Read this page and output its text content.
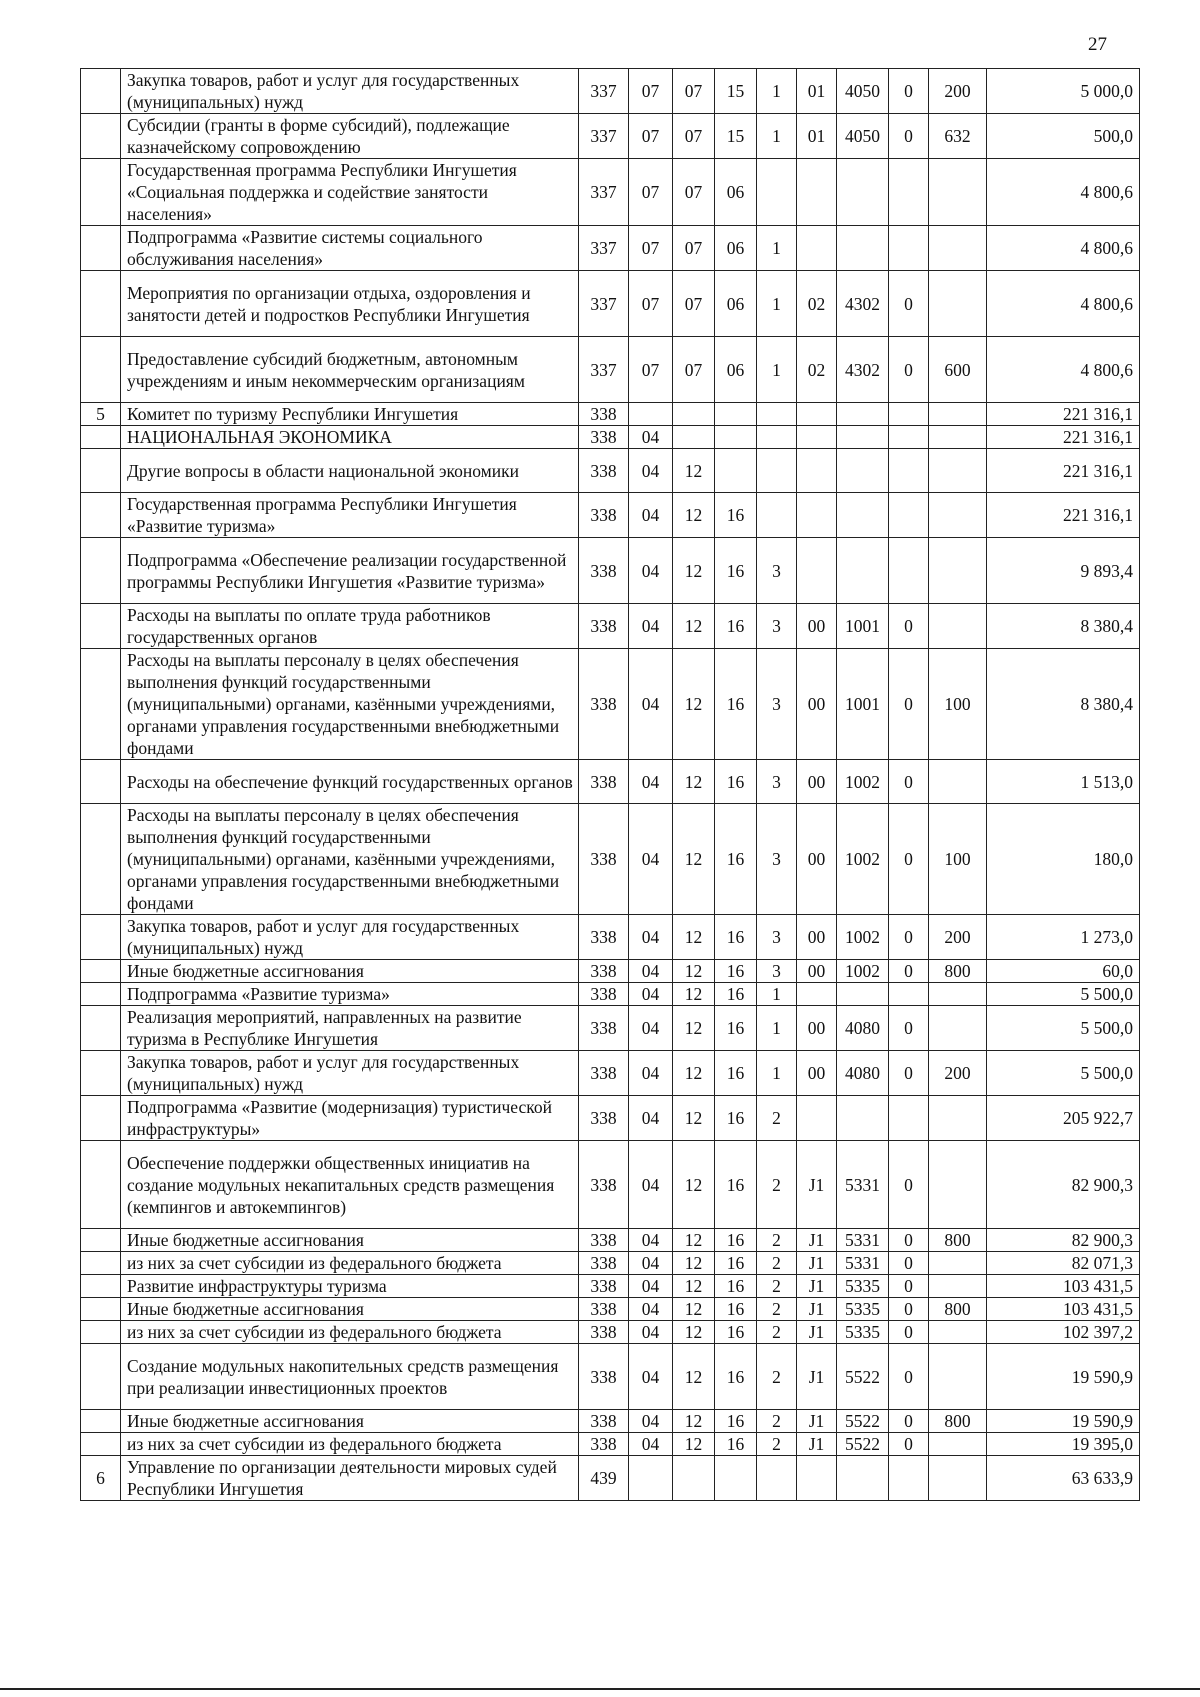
27
	Закупка товаров, работ и услуг для государственных (муниципальных) нужд	337	07	07	15	1	01	4050	0	200	5 000,0
	Субсидии (гранты в форме субсидий), подлежащие казначейскому сопровождению	337	07	07	15	1	01	4050	0	632	500,0
	Государственная программа Республики Ингушетия «Социальная поддержка и содействие занятости населения»	337	07	07	06						4 800,6
	Подпрограмма «Развитие системы социального обслуживания населения»	337	07	07	06	1					4 800,6
	Мероприятия по организации отдыха, оздоровления и занятости детей и подростков Республики Ингушетия	337	07	07	06	1	02	4302	0		4 800,6
	Предоставление субсидий бюджетным, автономным учреждениям и иным некоммерческим организациям	337	07	07	06	1	02	4302	0	600	4 800,6
5	Комитет по туризму Республики Ингушетия	338									221 316,1
	НАЦИОНАЛЬНАЯ ЭКОНОМИКА	338	04								221 316,1
	Другие вопросы в области национальной экономики	338	04	12							221 316,1
	Государственная программа Республики Ингушетия «Развитие туризма»	338	04	12	16						221 316,1
	Подпрограмма «Обеспечение реализации государственной программы Республики Ингушетия «Развитие туризма»	338	04	12	16	3					9 893,4
	Расходы на выплаты по оплате труда работников государственных органов	338	04	12	16	3	00	1001	0		8 380,4
	Расходы на выплаты персоналу в целях обеспечения выполнения функций государственными (муниципальными) органами, казёнными учреждениями, органами управления государственными внебюджетными фондами	338	04	12	16	3	00	1001	0	100	8 380,4
	Расходы на обеспечение функций государственных органов	338	04	12	16	3	00	1002	0		1 513,0
	Расходы на выплаты персоналу в целях обеспечения выполнения функций государственными (муниципальными) органами, казёнными учреждениями, органами управления государственными внебюджетными фондами	338	04	12	16	3	00	1002	0	100	180,0
	Закупка товаров, работ и услуг для государственных (муниципальных) нужд	338	04	12	16	3	00	1002	0	200	1 273,0
	Иные бюджетные ассигнования	338	04	12	16	3	00	1002	0	800	60,0
	Подпрограмма «Развитие туризма»	338	04	12	16	1					5 500,0
	Реализация мероприятий, направленных на развитие туризма в Республике Ингушетия	338	04	12	16	1	00	4080	0		5 500,0
	Закупка товаров, работ и услуг для государственных (муниципальных) нужд	338	04	12	16	1	00	4080	0	200	5 500,0
	Подпрограмма «Развитие (модернизация) туристической инфраструктуры»	338	04	12	16	2					205 922,7
	Обеспечение поддержки общественных инициатив на создание модульных некапитальных средств размещения (кемпингов и автокемпингов)	338	04	12	16	2	J1	5331	0		82 900,3
	Иные бюджетные ассигнования	338	04	12	16	2	J1	5331	0	800	82 900,3
	из них за счет субсидии из федерального бюджета	338	04	12	16	2	J1	5331	0		82 071,3
	Развитие инфраструктуры туризма	338	04	12	16	2	J1	5335	0		103 431,5
	Иные бюджетные ассигнования	338	04	12	16	2	J1	5335	0	800	103 431,5
	из них за счет субсидии из федерального бюджета	338	04	12	16	2	J1	5335	0		102 397,2
	Создание модульных накопительных средств размещения при реализации инвестиционных проектов	338	04	12	16	2	J1	5522	0		19 590,9
	Иные бюджетные ассигнования	338	04	12	16	2	J1	5522	0	800	19 590,9
	из них за счет субсидии из федерального бюджета	338	04	12	16	2	J1	5522	0		19 395,0
6	Управление по организации деятельности мировых судей Республики Ингушетия	439									63 633,9
